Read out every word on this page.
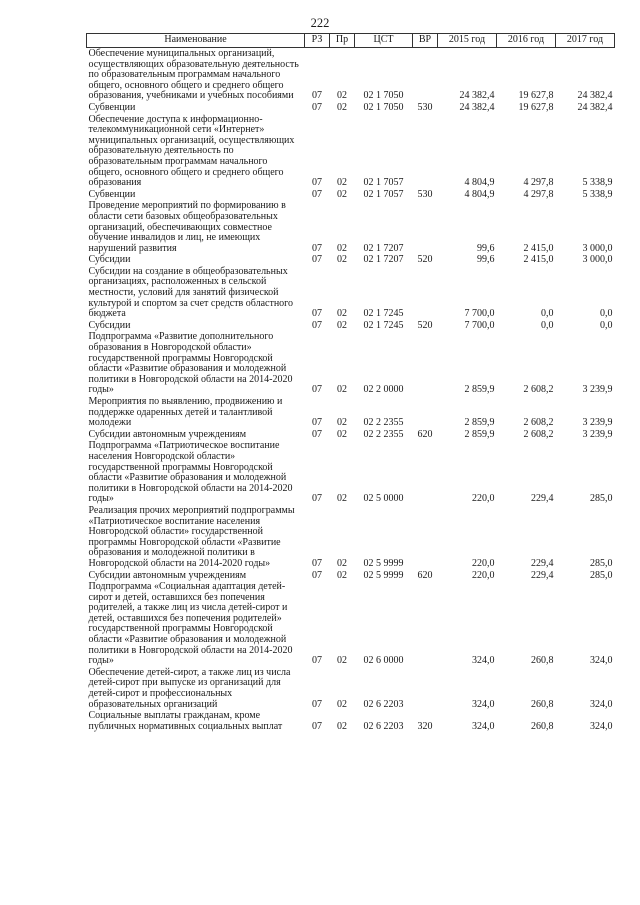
222
Наименование	РЗ	Пр	ЦСТ	ВР	2015 год	2016 год	2017 год
Обеспечение муниципальных организаций, осуществляющих образовательную деятельность по образовательным программам начального общего, основного общего и среднего общего образования, учебниками и учебных пособиями	07	02	02 1 7050		24 382,4	19 627,8	24 382,4
Субвенции	07	02	02 1 7050	530	24 382,4	19 627,8	24 382,4
Обеспечение доступа к информационно-телекоммуникационной сети «Интернет» муниципальных организаций, осуществляющих образовательную деятельность по образовательным программам начального общего, основного общего и среднего общего образования	07	02	02 1 7057		4 804,9	4 297,8	5 338,9
Субвенции	07	02	02 1 7057	530	4 804,9	4 297,8	5 338,9
Проведение мероприятий по формированию в области сети базовых общеобразовательных организаций, обеспечивающих совместное обучение инвалидов и лиц, не имеющих нарушений развития	07	02	02 1 7207		99,6	2 415,0	3 000,0
Субсидии	07	02	02 1 7207	520	99,6	2 415,0	3 000,0
Субсидии на создание в общеобразовательных организациях, расположенных в сельской местности, условий для занятий физической культурой и спортом за счет средств областного бюджета	07	02	02 1 7245		7 700,0	0,0	0,0
Субсидии	07	02	02 1 7245	520	7 700,0	0,0	0,0
Подпрограмма «Развитие дополнительного образования в Новгородской области» государственной программы Новгородской области «Развитие образования и молодежной политики в Новгородской области на 2014-2020 годы»	07	02	02 2 0000		2 859,9	2 608,2	3 239,9
Мероприятия по выявлению, продвижению и поддержке одаренных детей и талантливой молодежи	07	02	02 2 2355		2 859,9	2 608,2	3 239,9
Субсидии автономным учреждениям	07	02	02 2 2355	620	2 859,9	2 608,2	3 239,9
Подпрограмма «Патриотическое воспитание населения Новгородской области» государственной программы Новгородской области «Развитие образования и молодежной политики в Новгородской области на 2014-2020 годы»	07	02	02 5 0000		220,0	229,4	285,0
Реализация прочих мероприятий подпрограммы «Патриотическое воспитание населения Новгородской области» государственной программы Новгородской области «Развитие образования и молодежной политики в Новгородской области на 2014-2020 годы»	07	02	02 5 9999		220,0	229,4	285,0
Субсидии автономным учреждениям	07	02	02 5 9999	620	220,0	229,4	285,0
Подпрограмма «Социальная адаптация детей-сирот и детей, оставшихся без попечения родителей, а также лиц из числа детей-сирот и детей, оставшихся без попечения родителей» государственной программы Новгородской области «Развитие образования и молодежной политики в Новгородской области на 2014-2020 годы»	07	02	02 6 0000		324,0	260,8	324,0
Обеспечение детей-сирот, а также лиц из числа детей-сирот при выпуске из организаций для детей-сирот и профессиональных образовательных организаций	07	02	02 6 2203		324,0	260,8	324,0
Социальные выплаты гражданам, кроме публичных нормативных социальных выплат	07	02	02 6 2203	320	324,0	260,8	324,0
